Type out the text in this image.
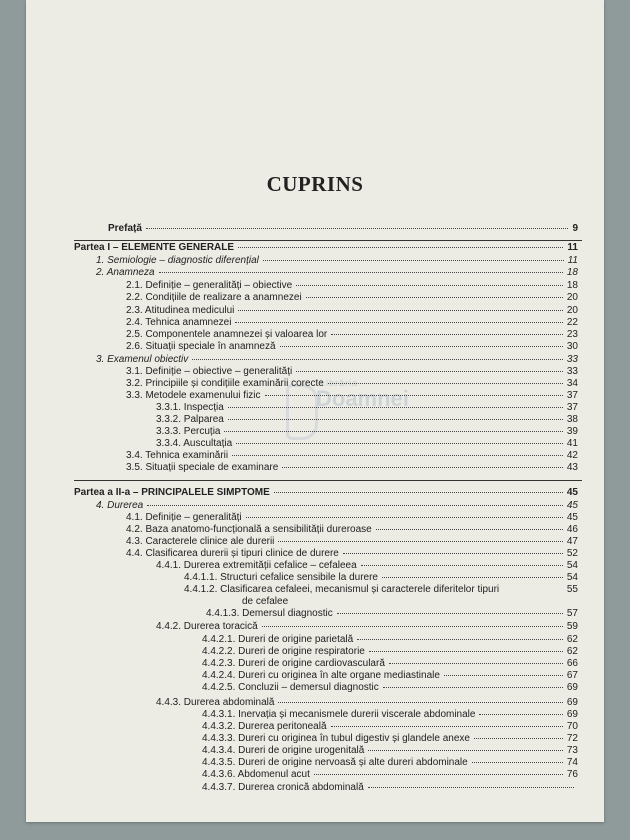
CUPRINS
Librăria
Doamnei
Prefață	9
Partea I – ELEMENTE GENERALE	11
1. Semiologie – diagnostic diferențial	11
2. Anamneza	18
2.1. Definiție – generalități – obiective	18
2.2. Condițiile de realizare a anamnezei	20
2.3. Atitudinea medicului	20
2.4. Tehnica anamnezei	22
2.5. Componentele anamnezei și valoarea lor	23
2.6. Situații speciale în anamneză	30
3. Examenul obiectiv	33
3.1. Definiție – obiective – generalități	33
3.2. Principiile și condițiile examinării corecte	34
3.3. Metodele examenului fizic	37
3.3.1. Inspecția	37
3.3.2. Palparea	38
3.3.3. Percuția	39
3.3.4. Auscultația	41
3.4. Tehnica examinării	42
3.5. Situații speciale de examinare	43
Partea a II-a – PRINCIPALELE SIMPTOME	45
4. Durerea	45
4.1. Definiție – generalități	45
4.2. Baza anatomo-funcțională a sensibilității dureroase	46
4.3. Caracterele clinice ale durerii	47
4.4. Clasificarea durerii și tipuri clinice de durere	52
4.4.1. Durerea extremității cefalice – cefaleea	54
4.4.1.1. Structuri cefalice sensibile la durere	54
4.4.1.2. Clasificarea cefaleei, mecanismul și caracterele diferitelor tipuri	55
de cefalee
4.4.1.3. Demersul diagnostic	57
4.4.2. Durerea toracică	59
4.4.2.1. Dureri de origine parietală	62
4.4.2.2. Dureri de origine respiratorie	62
4.4.2.3. Dureri de origine cardiovasculară	66
4.4.2.4. Dureri cu originea în alte organe mediastinale	67
4.4.2.5. Concluzii – demersul diagnostic	69
4.4.3. Durerea abdominală	69
4.4.3.1. Inervația și mecanismele durerii viscerale abdominale	69
4.4.3.2. Durerea peritoneală	70
4.4.3.3. Dureri cu originea în tubul digestiv și glandele anexe	72
4.4.3.4. Dureri de origine urogenitală	73
4.4.3.5. Dureri de origine nervoasă și alte dureri abdominale	74
4.4.3.6. Abdomenul acut	76
4.4.3.7. Durerea cronică abdominală
